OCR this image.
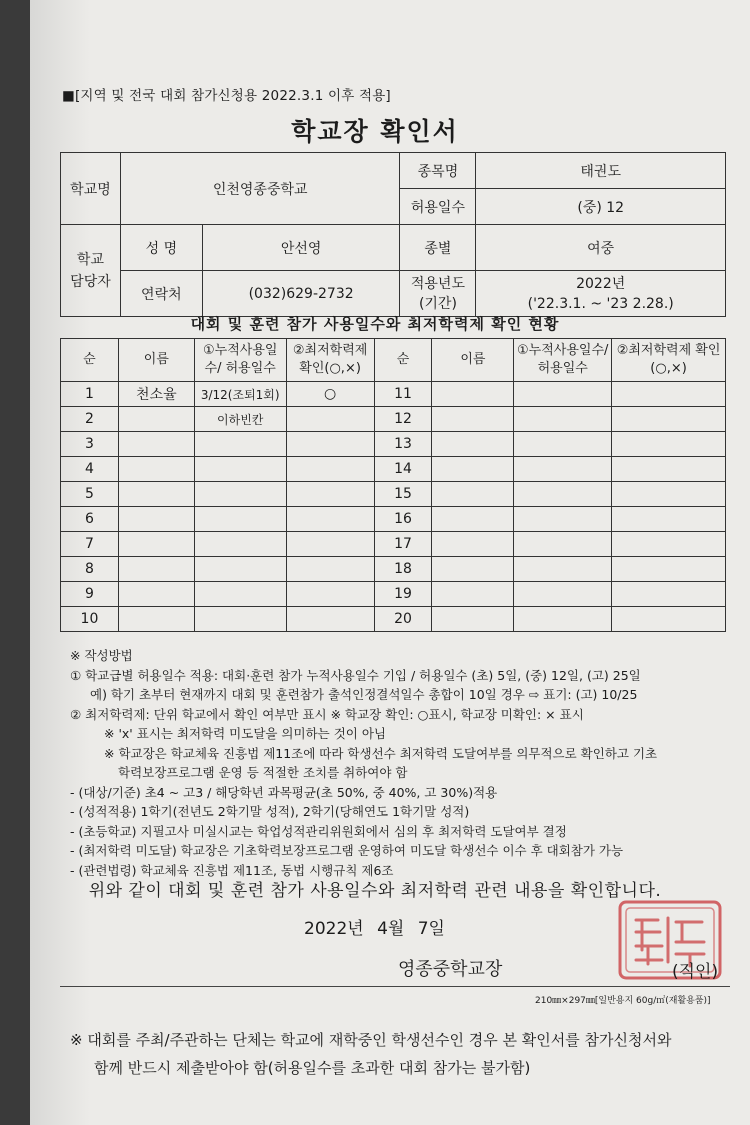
■[지역 및 전국 대회 참가신청용 2022.3.1 이후 적용]
학교장 확인서
학교명	인천영종중학교		종목명	태권도
			허용일수	(중) 12
학교 담당자	성 명	안선영	종별	여중
	연락처	(032)629-2732	적용년도 (기간)	2022년
('22.3.1. ~ '23 2.28.)
대회 및 훈련 참가 사용일수와 최저학력제 확인 현황
순	이름	①누적사용일수/ 허용일수	②최저학력제 확인(○,×)	순	이름	①누적사용일수/ 허용일수	②최저학력제 확인(○,×)
1	천소율	3/12(조퇴1회)	○	11			
2		이하빈칸		12			
3				13			
4				14			
5				15			
6				16			
7				17			
8				18			
9				19			
10				20			
※ 작성방법
① 학교급별 허용일수 적용: 대회·훈련 참가 누적사용일수 기입 / 허용일수 (초) 5일, (중) 12일, (고) 25일
예) 학기 초부터 현재까지 대회 및 훈련참가 출석인정결석일수 총합이 10일 경우 ⇨ 표기: (고) 10/25
② 최저학력제: 단위 학교에서 확인 여부만 표시 ※ 학교장 확인: ○표시, 학교장 미확인: × 표시
※ 'x' 표시는 최저학력 미도달을 의미하는 것이 아님
※ 학교장은 학교체육 진흥법 제11조에 따라 학생선수 최저학력 도달여부를 의무적으로 확인하고 기초
학력보장프로그램 운영 등 적절한 조치를 취하여야 함
- (대상/기준) 초4 ~ 고3 / 해당학년 과목평균(초 50%, 중 40%, 고 30%)적용
- (성적적용) 1학기(전년도 2학기말 성적), 2학기(당해연도 1학기말 성적)
- (초등학교) 지필고사 미실시교는 학업성적관리위원회에서 심의 후 최저학력 도달여부 결정
- (최저학력 미도달) 학교장은 기초학력보장프로그램 운영하여 미도달 학생선수 이수 후 대회참가 가능
- (관련법령) 학교체육 진흥법 제11조, 동법 시행규칙 제6조
위와 같이 대회 및 훈련 참가 사용일수와 최저학력 관련 내용을 확인합니다.
2022년 4월 7일
영종중학교장	(직인)
210㎜×297㎜[일반용지 60g/㎡(재활용품)]
※ 대회를 주최/주관하는 단체는 학교에 재학중인 학생선수인 경우 본 확인서를 참가신청서와
함께 반드시 제출받아야 함(허용일수를 초과한 대회 참가는 불가함)
